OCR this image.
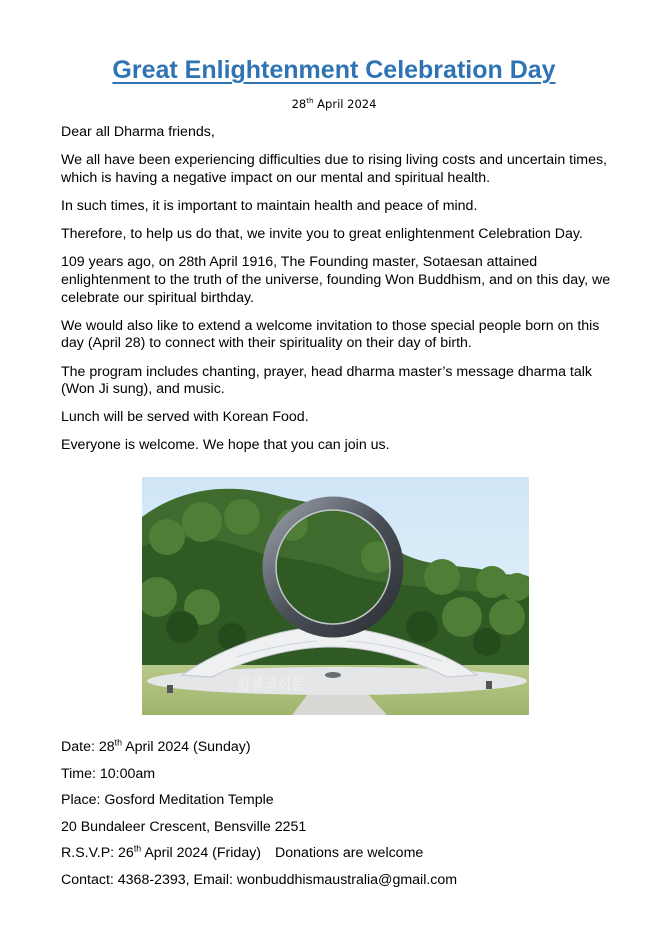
Great Enlightenment Celebration Day
28th April 2024

Dear all Dharma friends,

We all have been experiencing difficulties due to rising living costs and uncertain times, which is having a negative impact on our mental and spiritual health.

In such times, it is important to maintain health and peace of mind.

Therefore, to help us do that, we invite you to great enlightenment Celebration Day.

109 years ago, on 28th April 1916, The Founding master, Sotaesan attained enlightenment to the truth of the universe, founding Won Buddhism, and on this day, we celebrate our spiritual birthday.

We would also like to extend a welcome invitation to those special people born on this day (April 28) to connect with their spirituality on their day of birth.

The program includes chanting, prayer, head dharma master’s message dharma talk (Won Ji sung), and music.

Lunch will be served with Korean Food.

Everyone is welcome. We hope that you can join us.

원불교신문
Date: 28th April 2024 (Sunday)
Time: 10:00am
Place: Gosford Meditation Temple
20 Bundaleer Crescent, Bensville 2251
R.S.V.P: 26th April 2024 (Friday) Donations are welcome
Contact: 4368-2393, Email: wonbuddhismaustralia@gmail.com
